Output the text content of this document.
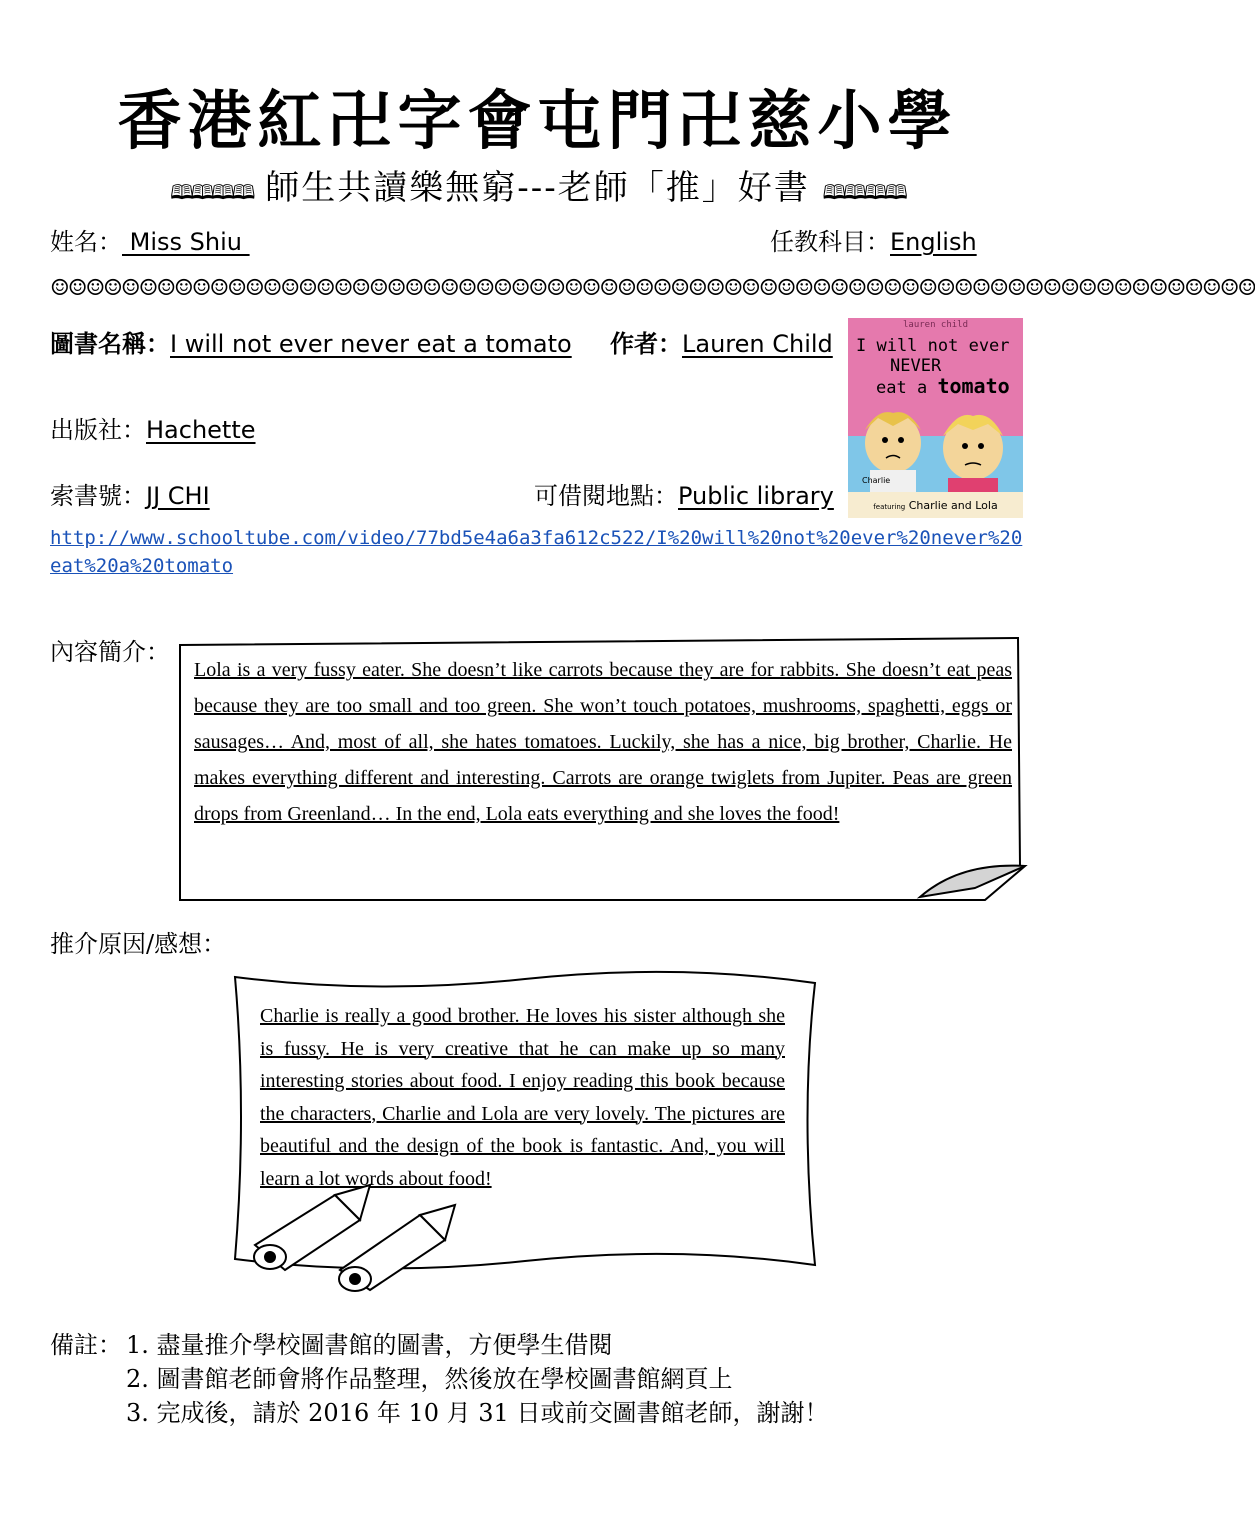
香港紅卍字會屯門卍慈小學
🕮🕮🕮🕮 師生共讀樂無窮---老師「推」好書 🕮🕮🕮🕮
姓名： Miss Shiu	任教科目：English
☺☺☺☺☺☺☺☺☺☺☺☺☺☺☺☺☺☺☺☺☺☺☺☺☺☺☺☺☺☺☺☺☺☺☺☺☺☺☺☺☺☺☺☺☺☺☺☺☺☺☺☺☺☺☺☺☺☺☺☺☺☺☺☺☺☺☺☺
圖書名稱：I will not ever never eat a tomato 作者：Lauren Child
出版社：Hachette
索書號：JJ CHI	可借閱地點：Public library
lauren child
I will not ever
NEVER
eat a tomato
featuring Charlie and Lola
Charlie
http://www.schooltube.com/video/77bd5e4a6a3fa612c522/I%20will%20not%20ever%20never%20eat%20a%20tomato
內容簡介：
Lola is a very fussy eater. She doesn’t like carrots because they are for rabbits. She doesn’t eat peas because they are too small and too green. She won’t touch potatoes, mushrooms, spaghetti, eggs or sausages… And, most of all, she hates tomatoes. Luckily, she has a nice, big brother, Charlie. He makes everything different and interesting. Carrots are orange twiglets from Jupiter. Peas are green drops from Greenland… In the end, Lola eats everything and she loves the food!
推介原因/感想：
Charlie is really a good brother. He loves his sister although she is fussy. He is very creative that he can make up so many interesting stories about food. I enjoy reading this book because the characters, Charlie and Lola are very lovely. The pictures are beautiful and the design of the book is fantastic. And, you will learn a lot words about food!
備註： 1. 盡量推介學校圖書館的圖書，方便學生借閱
2. 圖書館老師會將作品整理，然後放在學校圖書館網頁上
3. 完成後，請於 2016 年 10 月 31 日或前交圖書館老師，謝謝！
